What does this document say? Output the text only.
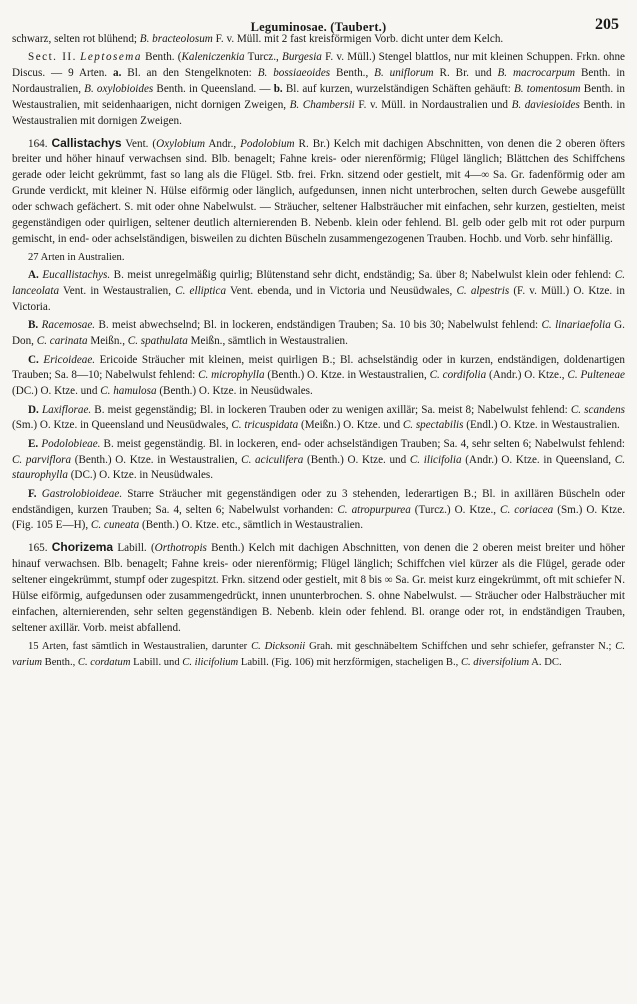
Leguminosae. (Taubert.)	205

schwarz, selten rot blühend; B. bracteolosum F. v. Müll. mit 2 fast kreisförmigen Vorb. dicht unter dem Kelch.

Sect. II. Leptosema Benth. (Kaleniczenkia Turcz., Burgesia F. v. Müll.) Stengel blattlos, nur mit kleinen Schuppen. Frkn. ohne Discus. — 9 Arten. a. Bl. an den Stengelknoten: B. bossiaeoides Benth., B. uniflorum R. Br. und B. macrocarpum Benth. in Nordaustralien, B. oxylobioides Benth. in Queensland. — b. Bl. auf kurzen, wurzelständigen Schäften gehäuft: B. tomentosum Benth. in Westaustralien, mit seidenhaarigen, nicht dornigen Zweigen, B. Chambersii F. v. Müll. in Nordaustralien und B. daviesioides Benth. in Westaustralien mit dornigen Zweigen.

164. Callistachys Vent. (Oxylobium Andr., Podolobium R. Br.) Kelch mit dachigen Abschnitten, von denen die 2 oberen öfters breiter und höher hinauf verwachsen sind. Blb. benagelt; Fahne kreis- oder nierenförmig; Flügel länglich; Blättchen des Schiffchens gerade oder leicht gekrümmt, fast so lang als die Flügel. Stb. frei. Frkn. sitzend oder gestielt, mit 4—∞ Sa. Gr. fadenförmig oder am Grunde verdickt, mit kleiner N. Hülse eiförmig oder länglich, aufgedunsen, innen nicht unterbrochen, selten durch Gewebe ausgefüllt oder schwach gefächert. S. mit oder ohne Nabelwulst. — Sträucher, seltener Halbsträucher mit einfachen, sehr kurzen, gestielten, meist gegenständigen oder quirligen, seltener deutlich alternierenden B. Nebenb. klein oder fehlend. Bl. gelb oder gelb mit rot oder purpurn gemischt, in end- oder achselständigen, bisweilen zu dichten Büscheln zusammengezogenen Trauben. Hochb. und Vorb. sehr hinfällig.

27 Arten in Australien.

A. Eucallistachys. B. meist unregelmäßig quirlig; Blütenstand sehr dicht, endständig; Sa. über 8; Nabelwulst klein oder fehlend: C. lanceolata Vent. in Westaustralien, C. elliptica Vent. ebenda, und in Victoria und Neusüdwales, C. alpestris (F. v. Müll.) O. Ktze. in Victoria.

B. Racemosae. B. meist abwechselnd; Bl. in lockeren, endständigen Trauben; Sa. 10 bis 30; Nabelwulst fehlend: C. linariaefolia G. Don, C. carinata Meißn., C. spathulata Meißn., sämtlich in Westaustralien.

C. Ericoideae. Ericoide Sträucher mit kleinen, meist quirligen B.; Bl. achselständig oder in kurzen, endständigen, doldenartigen Trauben; Sa. 8—10; Nabelwulst fehlend: C. microphylla (Benth.) O. Ktze. in Westaustralien, C. cordifolia (Andr.) O. Ktze., C. Pulteneae (DC.) O. Ktze. und C. hamulosa (Benth.) O. Ktze. in Neusüdwales.

D. Laxiflorae. B. meist gegenständig; Bl. in lockeren Trauben oder zu wenigen axillär; Sa. meist 8; Nabelwulst fehlend: C. scandens (Sm.) O. Ktze. in Queensland und Neusüdwales, C. tricuspidata (Meißn.) O. Ktze. und C. spectabilis (Endl.) O. Ktze. in Westaustralien.

E. Podolobieae. B. meist gegenständig. Bl. in lockeren, end- oder achselständigen Trauben; Sa. 4, sehr selten 6; Nabelwulst fehlend: C. parviflora (Benth.) O. Ktze. in Westaustralien, C. aciculifera (Benth.) O. Ktze. und C. ilicifolia (Andr.) O. Ktze. in Queensland, C. staurophylla (DC.) O. Ktze. in Neusüdwales.

F. Gastrolobioideae. Starre Sträucher mit gegenständigen oder zu 3 stehenden, lederartigen B.; Bl. in axillären Büscheln oder endständigen, kurzen Trauben; Sa. 4, selten 6; Nabelwulst vorhanden: C. atropurpurea (Turcz.) O. Ktze., C. coriacea (Sm.) O. Ktze. (Fig. 105 E—H), C. cuneata (Benth.) O. Ktze. etc., sämtlich in Westaustralien.

165. Chorizema Labill. (Orthotropis Benth.) Kelch mit dachigen Abschnitten, von denen die 2 oberen meist breiter und höher hinauf verwachsen. Blb. benagelt; Fahne kreis- oder nierenförmig; Flügel länglich; Schiffchen viel kürzer als die Flügel, gerade oder seltener eingekrümmt, stumpf oder zugespitzt. Frkn. sitzend oder gestielt, mit 8 bis ∞ Sa. Gr. meist kurz eingekrümmt, oft mit schiefer N. Hülse eiförmig, aufgedunsen oder zusammengedrückt, innen ununterbrochen. S. ohne Nabelwulst. — Sträucher oder Halbsträucher mit einfachen, alternierenden, sehr selten gegenständigen B. Nebenb. klein oder fehlend. Bl. orange oder rot, in endständigen Trauben, seltener axillär. Vorb. meist abfallend.

15 Arten, fast sämtlich in Westaustralien, darunter C. Dicksonii Grah. mit geschnäbeltem Schiffchen und sehr schiefer, gefranster N.; C. varium Benth., C. cordatum Labill. und C. ilicifolium Labill. (Fig. 106) mit herzförmigen, stacheligen B., C. diversifolium A. DC.
